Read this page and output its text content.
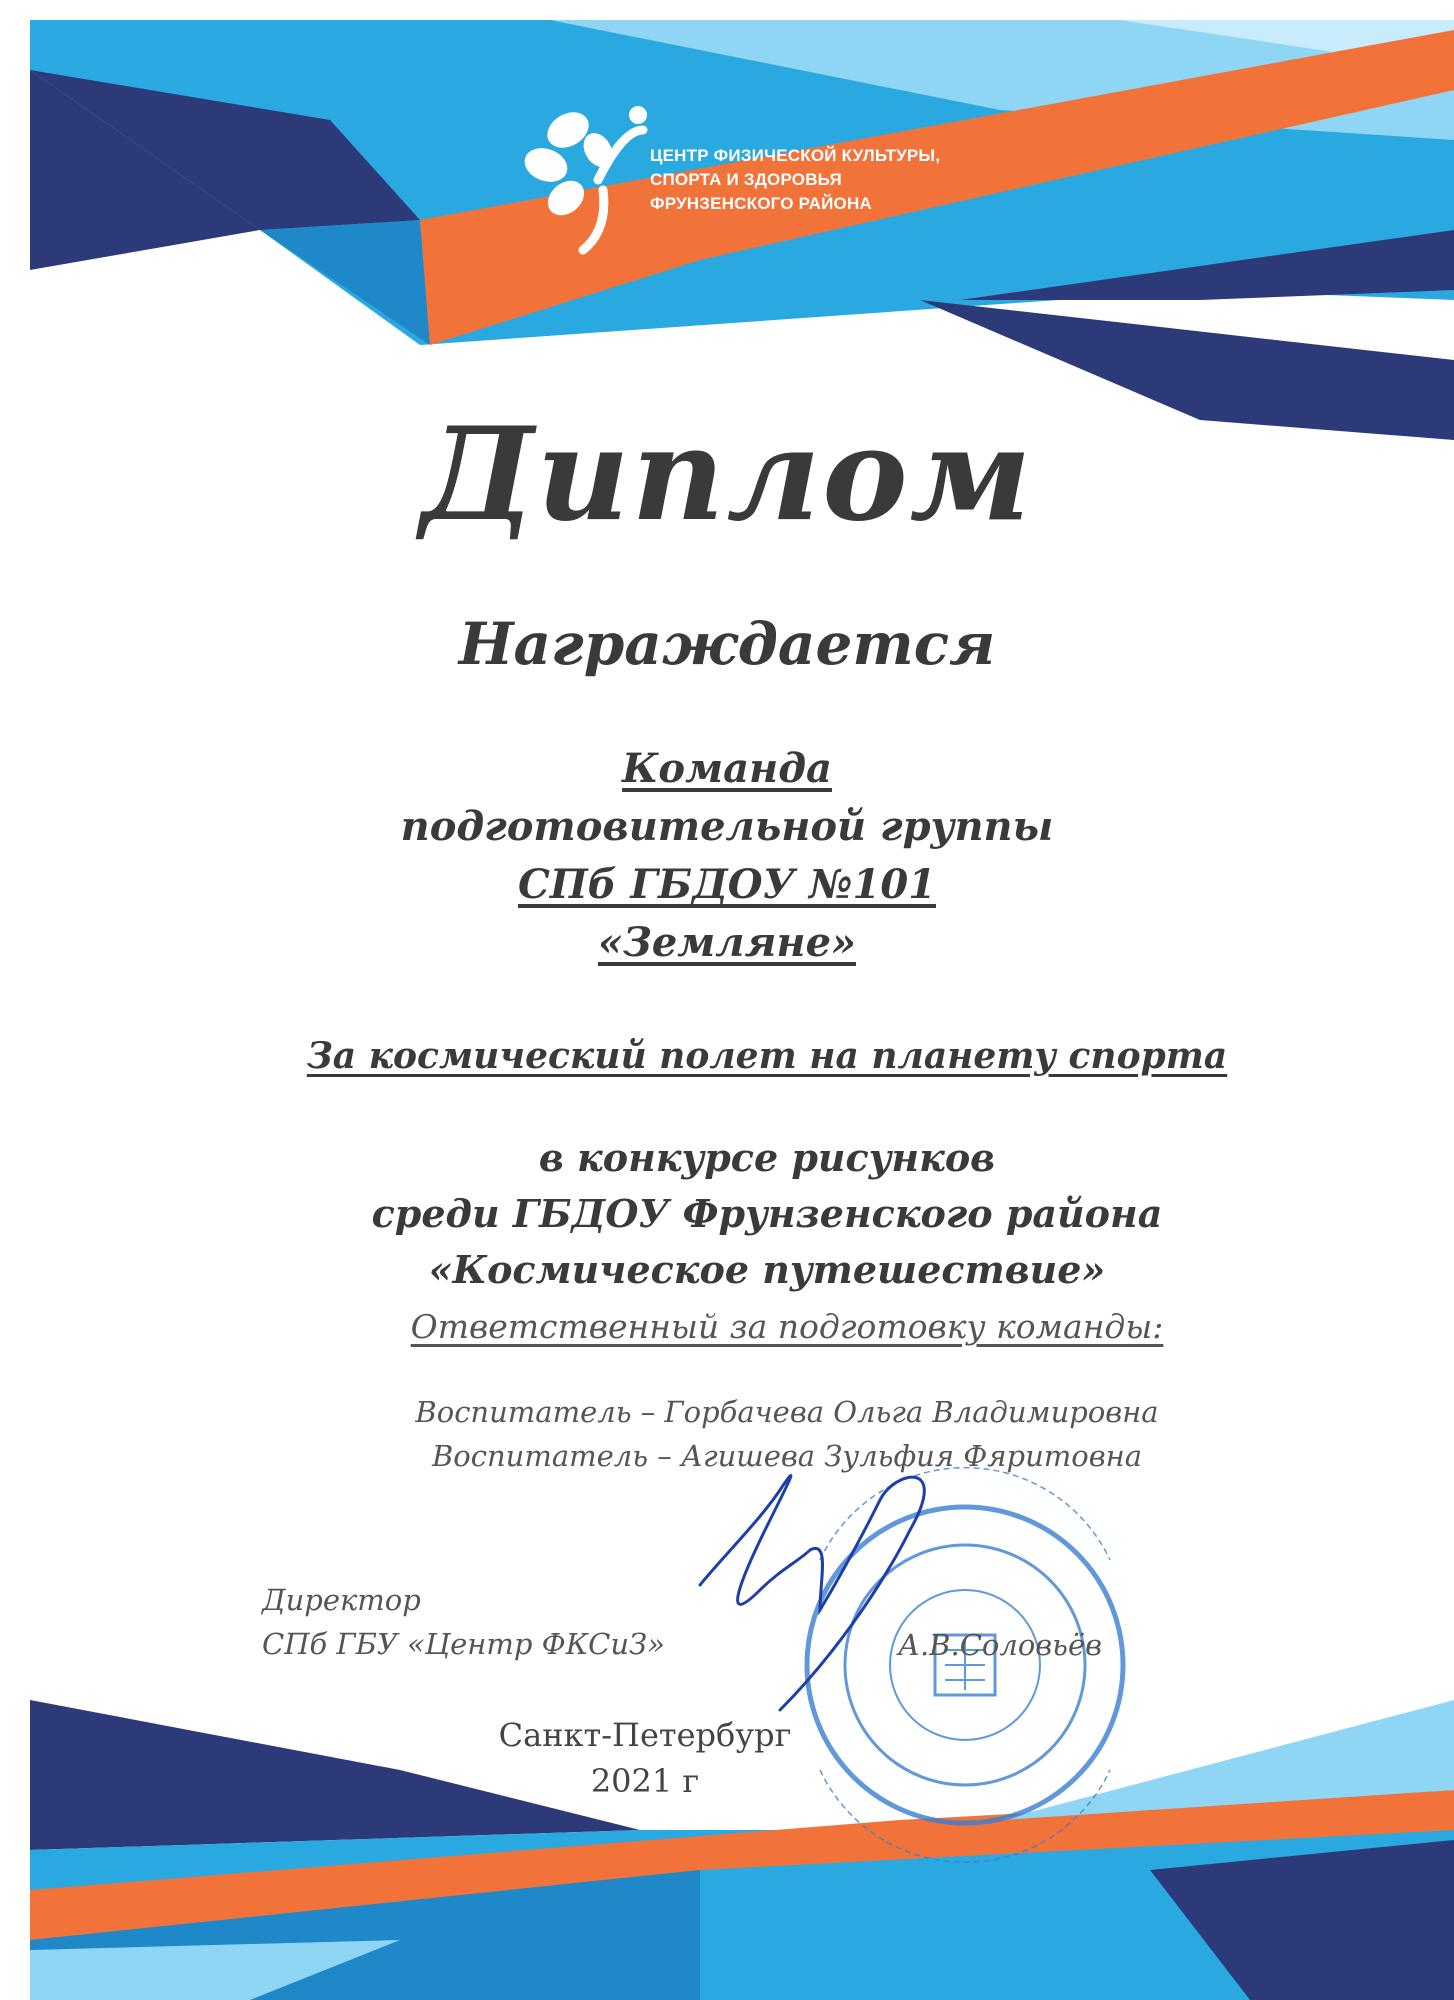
ЦЕНТР ФИЗИЧЕСКОЙ КУЛЬТУРЫ,
СПОРТА И ЗДОРОВЬЯ
ФРУНЗЕНСКОГО РАЙОНА
Диплом
Награждается
Команда
подготовительной группы
СПб ГБДОУ №101
«Земляне»
За космический полет на планету спорта
в конкурсе рисунков
среди ГБДОУ Фрунзенского района
«Космическое путешествие»
Ответственный за подготовку команды:
Воспитатель – Горбачева Ольга Владимировна
Воспитатель – Агишева Зульфия Фяритовна
Директор
СПб ГБУ «Центр ФКСиЗ»	А.В.Соловьёв
Санкт-Петербург
2021 г
